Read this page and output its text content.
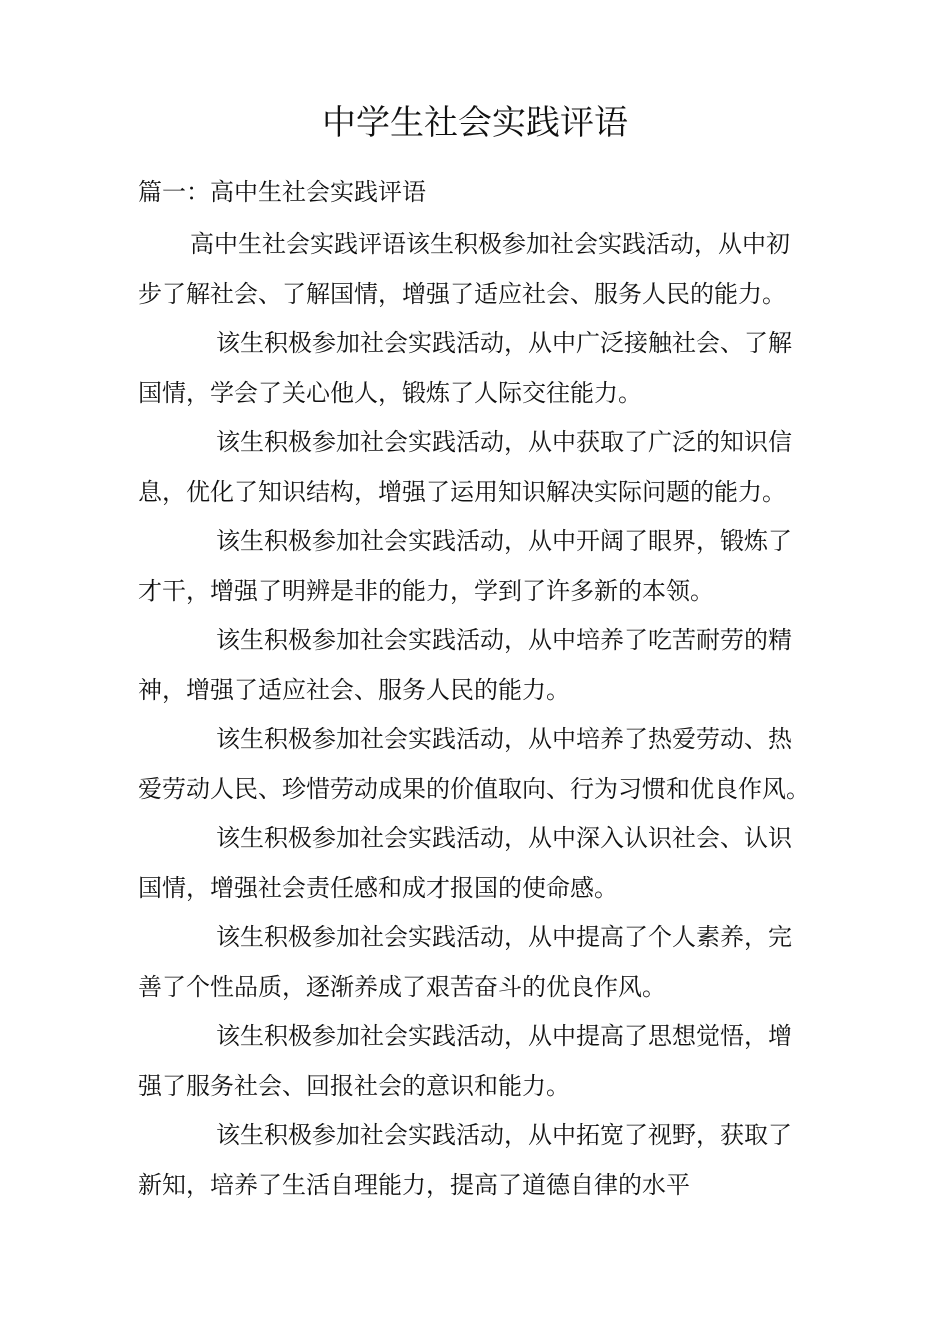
中学生社会实践评语
篇一：高中生社会实践评语

高中生社会实践评语该生积极参加社会实践活动，从中初
步了解社会、了解国情，增强了适应社会、服务人民的能力。

该生积极参加社会实践活动，从中广泛接触社会、了解
国情，学会了关心他人，锻炼了人际交往能力。

该生积极参加社会实践活动，从中获取了广泛的知识信
息，优化了知识结构，增强了运用知识解决实际问题的能力。

该生积极参加社会实践活动，从中开阔了眼界，锻炼了
才干，增强了明辨是非的能力，学到了许多新的本领。

该生积极参加社会实践活动，从中培养了吃苦耐劳的精
神，增强了适应社会、服务人民的能力。

该生积极参加社会实践活动，从中培养了热爱劳动、热
爱劳动人民、珍惜劳动成果的价值取向、行为习惯和优良作风。

该生积极参加社会实践活动，从中深入认识社会、认识
国情，增强社会责任感和成才报国的使命感。

该生积极参加社会实践活动，从中提高了个人素养，完
善了个性品质，逐渐养成了艰苦奋斗的优良作风。

该生积极参加社会实践活动，从中提高了思想觉悟，增
强了服务社会、回报社会的意识和能力。

该生积极参加社会实践活动，从中拓宽了视野，获取了
新知，培养了生活自理能力，提高了道德自律的水平
